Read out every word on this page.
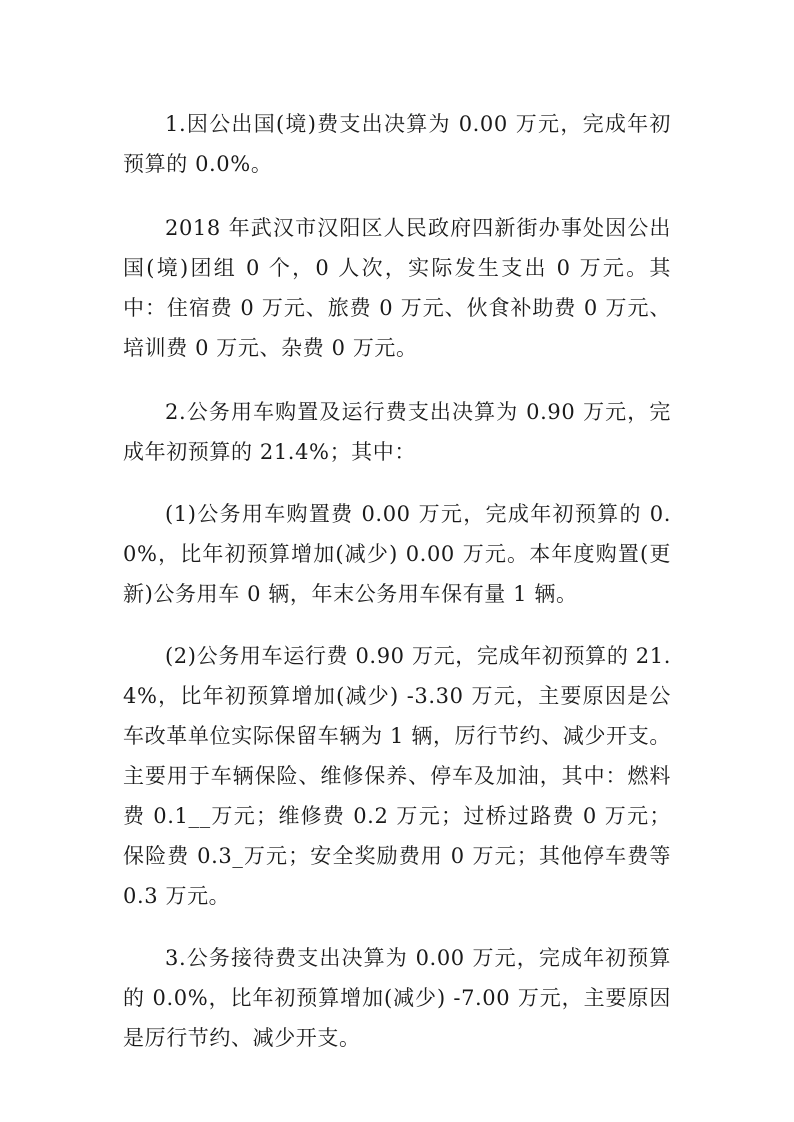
1.因公出国(境)费支出决算为 0.00 万元，完成年初预算的 0.0%。

2018 年武汉市汉阳区人民政府四新街办事处因公出国(境)团组 0 个，0 人次，实际发生支出 0 万元。其中：住宿费 0 万元、旅费 0 万元、伙食补助费 0 万元、培训费 0 万元、杂费 0 万元。

2.公务用车购置及运行费支出决算为 0.90 万元，完成年初预算的 21.4%；其中：

(1)公务用车购置费 0.00 万元，完成年初预算的 0.0%，比年初预算增加(减少) 0.00 万元。本年度购置(更新)公务用车 0 辆，年末公务用车保有量 1 辆。

(2)公务用车运行费 0.90 万元，完成年初预算的 21.4%，比年初预算增加(减少) -3.30 万元，主要原因是公车改革单位实际保留车辆为 1 辆，厉行节约、减少开支。主要用于车辆保险、维修保养、停车及加油，其中：燃料费 0.1__万元；维修费 0.2 万元；过桥过路费 0 万元；保险费 0.3_万元；安全奖励费用 0 万元；其他停车费等 0.3 万元。

3.公务接待费支出决算为 0.00 万元，完成年初预算的 0.0%，比年初预算增加(减少) -7.00 万元，主要原因是厉行节约、减少开支。
